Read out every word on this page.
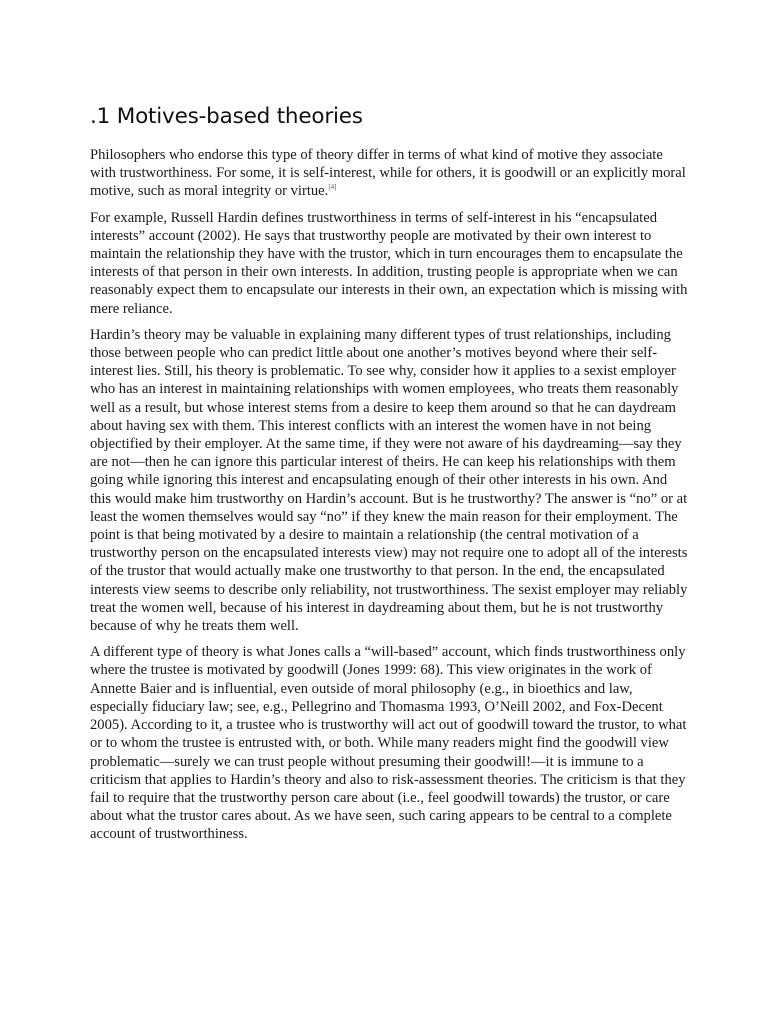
.1 Motives-based theories

Philosophers who endorse this type of theory differ in terms of what kind of motive they associate with trustworthiness. For some, it is self-interest, while for others, it is goodwill or an explicitly moral motive, such as moral integrity or virtue.[4]

For example, Russell Hardin defines trustworthiness in terms of self-interest in his “encapsulated interests” account (2002). He says that trustworthy people are motivated by their own interest to maintain the relationship they have with the trustor, which in turn encourages them to encapsulate the interests of that person in their own interests. In addition, trusting people is appropriate when we can reasonably expect them to encapsulate our interests in their own, an expectation which is missing with mere reliance.

Hardin’s theory may be valuable in explaining many different types of trust relationships, including those between people who can predict little about one another’s motives beyond where their self-interest lies. Still, his theory is problematic. To see why, consider how it applies to a sexist employer who has an interest in maintaining relationships with women employees, who treats them reasonably well as a result, but whose interest stems from a desire to keep them around so that he can daydream about having sex with them. This interest conflicts with an interest the women have in not being objectified by their employer. At the same time, if they were not aware of his daydreaming—say they are not—then he can ignore this particular interest of theirs. He can keep his relationships with them going while ignoring this interest and encapsulating enough of their other interests in his own. And this would make him trustworthy on Hardin’s account. But is he trustworthy? The answer is “no” or at least the women themselves would say “no” if they knew the main reason for their employment. The point is that being motivated by a desire to maintain a relationship (the central motivation of a trustworthy person on the encapsulated interests view) may not require one to adopt all of the interests of the trustor that would actually make one trustworthy to that person. In the end, the encapsulated interests view seems to describe only reliability, not trustworthiness. The sexist employer may reliably treat the women well, because of his interest in daydreaming about them, but he is not trustworthy because of why he treats them well.

A different type of theory is what Jones calls a “will-based” account, which finds trustworthiness only where the trustee is motivated by goodwill (Jones 1999: 68). This view originates in the work of Annette Baier and is influential, even outside of moral philosophy (e.g., in bioethics and law, especially fiduciary law; see, e.g., Pellegrino and Thomasma 1993, O’Neill 2002, and Fox-Decent 2005). According to it, a trustee who is trustworthy will act out of goodwill toward the trustor, to what or to whom the trustee is entrusted with, or both. While many readers might find the goodwill view problematic—surely we can trust people without presuming their goodwill!—it is immune to a criticism that applies to Hardin’s theory and also to risk-assessment theories. The criticism is that they fail to require that the trustworthy person care about (i.e., feel goodwill towards) the trustor, or care about what the trustor cares about. As we have seen, such caring appears to be central to a complete account of trustworthiness.
